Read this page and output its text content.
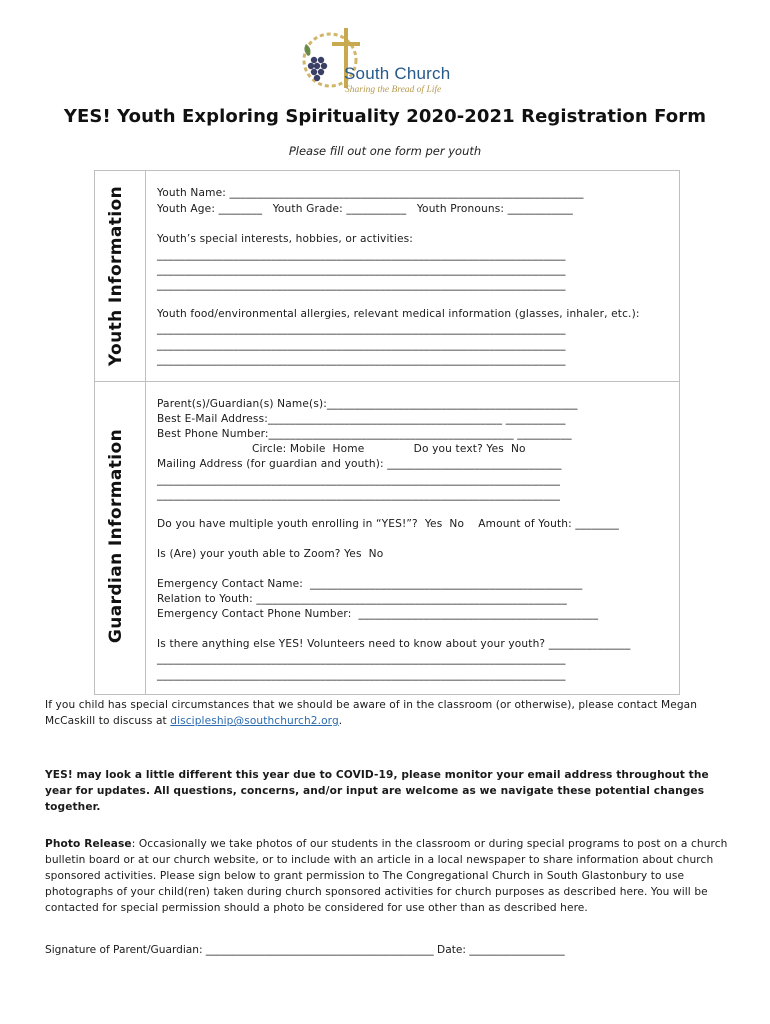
South Church
Sharing the Bread of Life
YES! Youth Exploring Spirituality 2020-2021 Registration Form
Please fill out one form per youth
Youth Information
Guardian Information
Youth Name: _________________________________________________________________
Youth Age: ________   Youth Grade: ___________   Youth Pronouns: ____________
Youth’s special interests, hobbies, or activities:
___________________________________________________________________________
___________________________________________________________________________
___________________________________________________________________________
Youth food/environmental allergies, relevant medical information (glasses, inhaler, etc.):
___________________________________________________________________________
___________________________________________________________________________
___________________________________________________________________________
Parent(s)/Guardian(s) Name(s):______________________________________________
Best E-Mail Address:___________________________________________ ___________
Best Phone Number:_____________________________________________ __________
Circle: Mobile  Home              Do you text? Yes  No
Mailing Address (for guardian and youth): ________________________________
__________________________________________________________________________
__________________________________________________________________________
Do you have multiple youth enrolling in “YES!”?  Yes  No    Amount of Youth: ________
Is (Are) your youth able to Zoom? Yes  No
Emergency Contact Name:  __________________________________________________
Relation to Youth: _________________________________________________________
Emergency Contact Phone Number:  ____________________________________________
Is there anything else YES! Volunteers need to know about your youth? _______________
___________________________________________________________________________
___________________________________________________________________________
If you child has special circumstances that we should be aware of in the classroom (or otherwise), please contact Megan McCaskill to discuss at discipleship@southchurch2.org.
YES! may look a little different this year due to COVID-19, please monitor your email address throughout the year for updates. All questions, concerns, and/or input are welcome as we navigate these potential changes together.
Photo Release: Occasionally we take photos of our students in the classroom or during special programs to post on a church bulletin board or at our church website, or to include with an article in a local newspaper to share information about church sponsored activities. Please sign below to grant permission to The Congregational Church in South Glastonbury to use photographs of your child(ren) taken during church sponsored activities for church purposes as described here. You will be contacted for special permission should a photo be considered for use other than as described here.
Signature of Parent/Guardian: ___________________________________________ Date: __________________
